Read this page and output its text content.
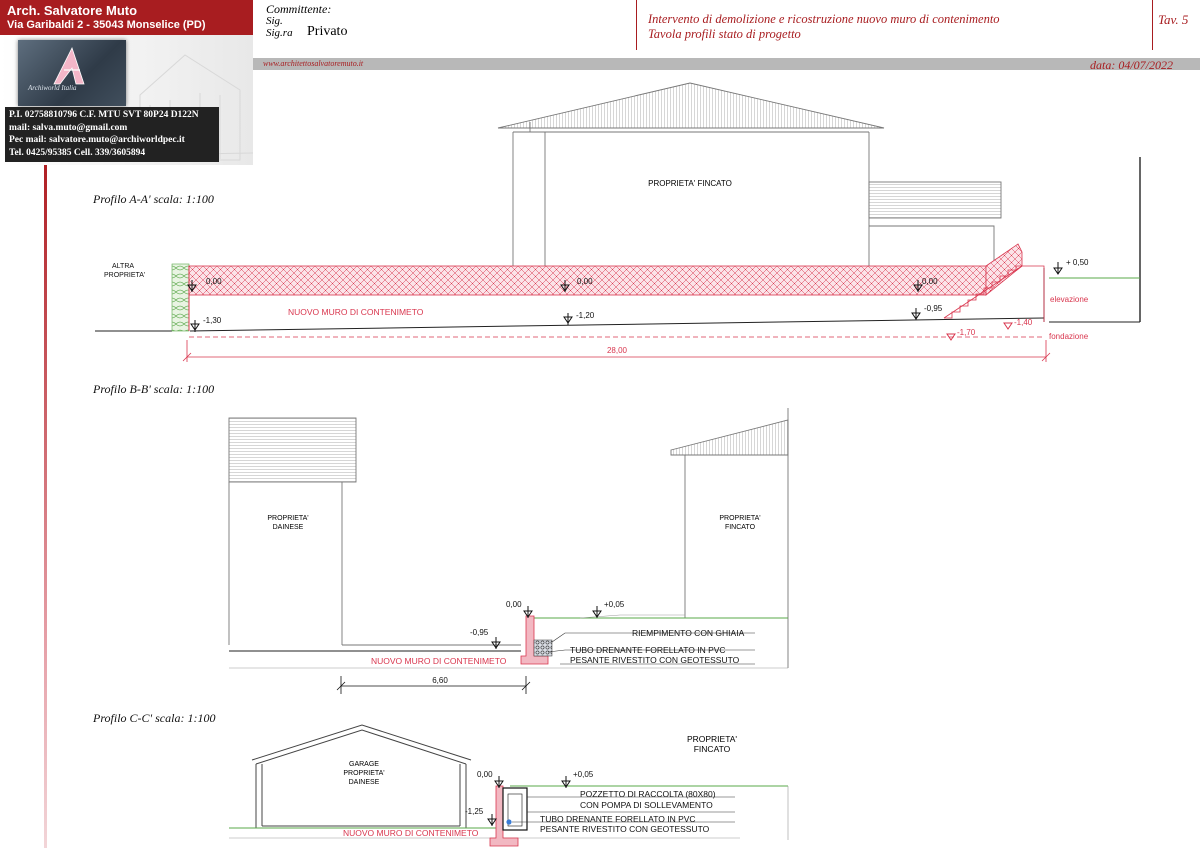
Arch. Salvatore Muto
Via Garibaldi 2 - 35043 Monselice (PD)
Archiworld Italia
P.I. 02758810796 C.F. MTU SVT 80P24 D122N
mail: salva.muto@gmail.com
Pec mail: salvatore.muto@archiworldpec.it
Tel. 0425/95385 Cell. 339/3605894
Committente:
Sig.
Sig.ra Privato
Intervento di demolizione e ricostruzione nuovo muro di contenimento
Tavola profili stato di progetto
Tav. 5
www.architettosalvatoremuto.it	data: 04/07/2022
Profilo A-A' scala: 1:100
Profilo B-B' scala: 1:100
Profilo C-C' scala: 1:100
PROPRIETA' FINCATO
0,00	0,00	0,00
+ 0,50
-1,30
-1,20
-0,95
-1,70
-1,40
elevazione
fondazione
NUOVO MURO DI CONTENIMETO
ALTRA
PROPRIETA'
28,00
PROPRIETA'
DAINESE
PROPRIETA'
FINCATO
0,00	+0,05
-0,95	RIEMPIMENTO CON GHIAIA
TUBO DRENANTE FORELLATO IN PVC
PESANTE RIVESTITO CON GEOTESSUTO
NUOVO MURO DI CONTENIMETO
6,60
GARAGE
PROPRIETA'
DAINESE
PROPRIETA'
FINCATO
0,00	+0,05
-1,25
POZZETTO DI RACCOLTA (80X80)
CON POMPA DI SOLLEVAMENTO
TUBO DRENANTE FORELLATO IN PVC
PESANTE RIVESTITO CON GEOTESSUTO
NUOVO MURO DI CONTENIMETO
